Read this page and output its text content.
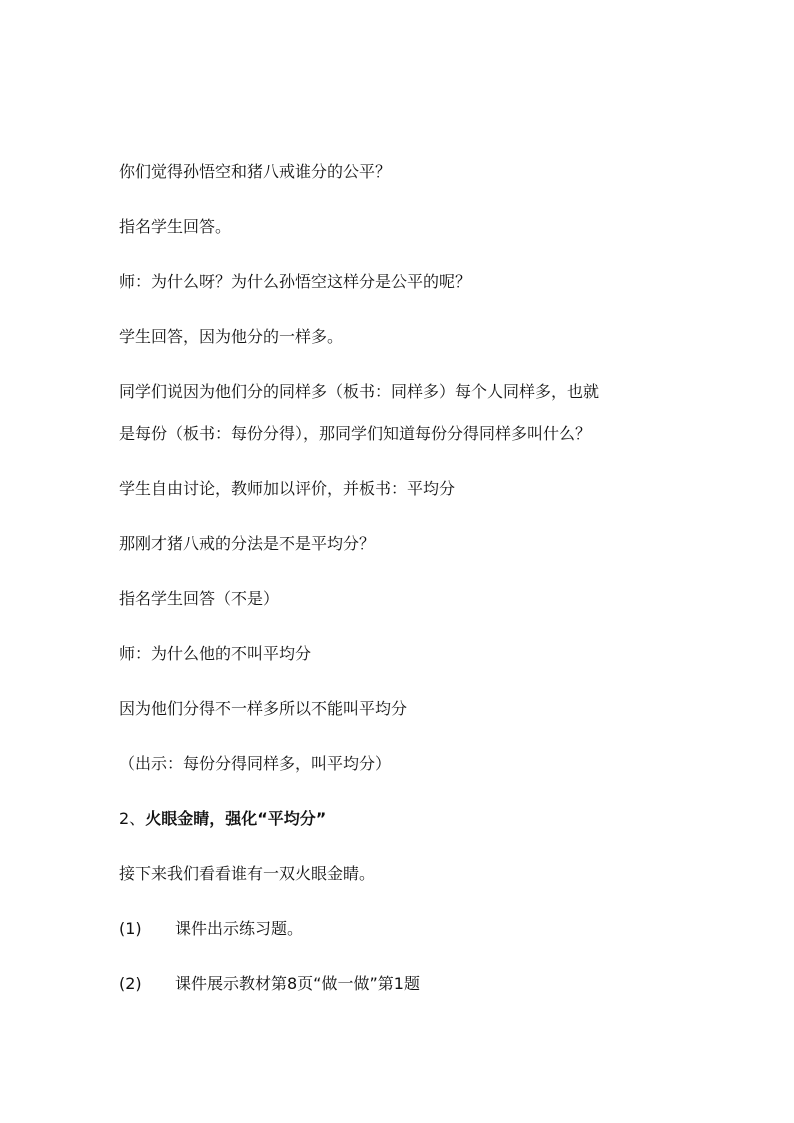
你们觉得孙悟空和猪八戒谁分的公平？
指名学生回答。
师：为什么呀？为什么孙悟空这样分是公平的呢？
学生回答，因为他分的一样多。
同学们说因为他们分的同样多（板书：同样多）每个人同样多，也就
是每份（板书：每份分得），那同学们知道每份分得同样多叫什么？
学生自由讨论，教师加以评价，并板书：平均分
那刚才猪八戒的分法是不是平均分？
指名学生回答（不是）
师：为什么他的不叫平均分
因为他们分得不一样多所以不能叫平均分
（出示：每份分得同样多，叫平均分）
2、火眼金睛，强化“平均分”
接下来我们看看谁有一双火眼金睛。
(1) 课件出示练习题。
(2) 课件展示教材第8页“做一做”第1题
